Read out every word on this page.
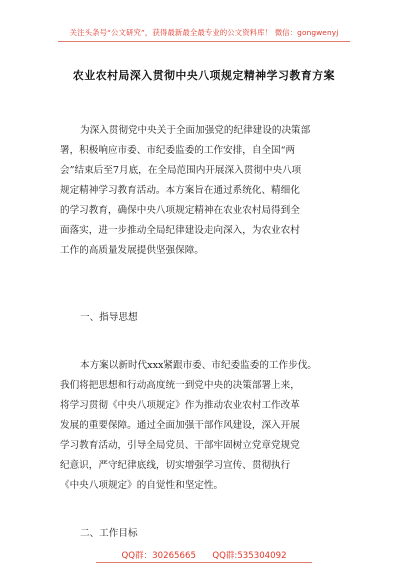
关注头条号“公文研究”，获得最新最全最专业的公文资料库！ 微信：gongwenyj
农业农村局深入贯彻中央八项规定精神学习教育方案
为深入贯彻党中央关于全面加强党的纪律建设的决策部
署，积极响应市委、市纪委监委的工作安排，自全国“两
会”结束后至7月底，在全局范围内开展深入贯彻中央八项
规定精神学习教育活动。本方案旨在通过系统化、精细化
的学习教育，确保中央八项规定精神在农业农村局得到全
面落实，进一步推动全局纪律建设走向深入，为农业农村
工作的高质量发展提供坚强保障。
一、指导思想
本方案以新时代xxx紧跟市委、市纪委监委的工作步伐。
我们将把思想和行动高度统一到党中央的决策部署上来，
将学习贯彻《中央八项规定》作为推动农业农村工作改革
发展的重要保障。通过全面加强干部作风建设，深入开展
学习教育活动，引导全局党员、干部牢固树立党章党规党
纪意识，严守纪律底线，切实增强学习宣传、贯彻执行
《中央八项规定》的自觉性和坚定性。
二、工作目标
QQ群：30265665 QQ群:535304092
